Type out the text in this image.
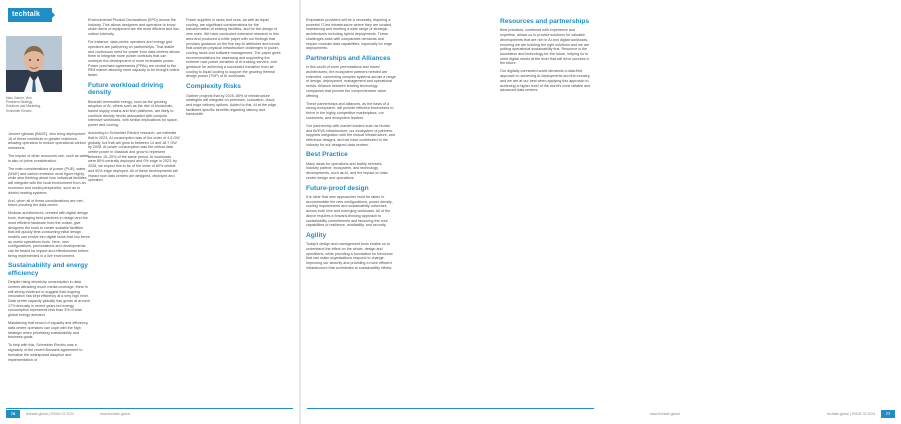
techtalk
Marc Garner, Vice
President Strategy,
Solutions and Marketing,
Schneider Electric

Jerome Iglesias (BASE), who bring deployment 18 of these contribute to greater resilience, allowing operators to reduce operational carbon emissions.

The impact of other resources use, such as water, is also of prime consideration.

The main considerations of power (PUE), water (WUE) and carbon emission must figure highly, while also thinking about how individual facilities will integrate with the local environment from an economic and social perspective, such as in district heating systems.

And, when all of these considerations are met, future-proofing the data centre.

Modular architectures, created with digital design tools, leveraging best practices in design and the most efficient hardware from the outset, give designers the tools to create scalable facilities that will quickly time-consuming initial design models can evolve into digital twins that can serve as useful operations tools. Here, new configurations, permutations and developments can be tested for impact and effectiveness before being implemented in a live environment.

Sustainability and energy efficiency

Despite rising electricity consumption in data centres attracting much media coverage, there is still strong evidence to suggest that ongoing innovation has kept efficiency at a very high level. Data centre capacity globally has grown at around 17% annually in recent years but energy consumption represents less than 3% of total global energy demand.

Maintaining that record of capacity and efficiency, data centre operators can cope with the high strategic when prioritising sustainability and business goals.

To help with this, Schneider Electric was a signatory of the recent Brussels agreement to formalise the widespread adoption and implementation of

Environmental Product Declarations (EPD) across the industry. This allows designers and operators to know which items of equipment are the most efficient and low-carbon intensity.

For instance, data centre operators and energy grid operators are partnering on partnerships. That stable and continuous need for power from data centres allows them to integrate more power contracts that can underpin the development of more renewable power. Power purchase agreements (PPAs) are central to the RE5 market allowing more capacity to be brought online faster.

Future workload driving density

Beneath renewable energy, such as the growing adoption of AI, others such as the rise of blockchain-based supply chains and tech platforms, are likely to continue density trends associated with compute intensive workloads, with similar implications for space, power and cooling.

According to Schneider Electric research, we estimate that in 2023, AI consumption was of the order of 4.5 GW globally, but that will grow to between 14 and 18.7 GW by 2028. AI power consumption was the critical data centre power in classical and grow to represent between 15–20% of the same period. AI workloads were 80% centrally deployed and 0% edge in 2023, by 2028, we expect this to be of the order of 80% central and 50% edge deployed. All of these developments will impact how data centres are designed, deployed and operated.

Power supplies in racks and rows, as well as liquid cooling, are significant considerations for the transformation of existing facilities, and for the design of new ones. We have conducted extensive research in this area and produced a white paper with our findings that provides guidance on the five key AI attributes and trends that underpin physical infrastructure challenges in power, cooling racks and software management. The paper gives recommendations for assessing and supporting the extreme rack power densities of AI training servers, and guidance for achieving a successful transition from air cooling to liquid cooling to support the growing thermal design power (TDP) of AI workloads.

Complexity Risks

Gartner projects that by 2025, 85% of infrastructure strategies will integrate on-premises, colocation, cloud, and edge delivery options. Added to this, AI at the edge facilitates specific benefits regarding latency and bandwidth.

78	techtalk.global | ISSUE 02 2024	www.techtalk.global	www.techtalk.global	techtalk.global | ISSUE 02 2024	77

Emphasise providers will be a necessity, requiring a powerful IT-led infrastructure where they are located, maintaining and meeting a wide range of strategic architectures including hybrid deployments. These challenges arise with comparable demands and require modular data capabilities, especially for edge deployments.

Partnerships and Alliances

In this world of more permutations and mixed architectures, the ecosystem partners needed are extended, connecting complex systems across a range of design, deployment, management and operational needs. Alliance between leading technology companies that provide the comprehensive value offering.

These partnerships and alliances, as the basis of a strong ecosystem, will provide effective businesses to thrive in the highly competitive marketplace, our customers, and ecosystem leaders.

Our partnership with market leaders such as Nvidia and AVEVA Infrastructure, our ecosystem of partners, supports integration with the mutual infrastructure, and reference designs, and we have contributed to the industry for our designed data centres.

Best Practice

Many ideas for operations and facility services, industry partner, ecosystem, and technology developments, such as AI, and the impact on data centre design and operations.

Future-proof design

It is clear that new approaches must be taken to accommodate the new configurations, power density, cooling requirements and sustainability outcomes across both new and emerging workloads. All of the above requires a forward-thinking approach to sustainability commitments and favouring the core capabilities of resilience, availability, and security.

Agility

Today's design and management tools enable us to understand the effect on the whole, design and operations, while providing a foundation for tomorrow that can make organisations respond to change. Improving our security and providing a more efficient infrastructure that contributes to sustainability efforts.

Resources and partnerships

Best practices, combined with experience and expertise, allows us to provide solutions for valuable developments that are rich in AI and digital workloads, ensuring we are building the right solutions and we are putting operational sustainability first. Resource is the foundation and technology for the future, helping us to meet digital needs at the level that will drive success in the future.

Our digitally connected world demands a data-first approach to achieving AI deployments and the industry, and we are at our best when applying this approach to achieving a higher level of the world's most reliable and advanced data centres.
